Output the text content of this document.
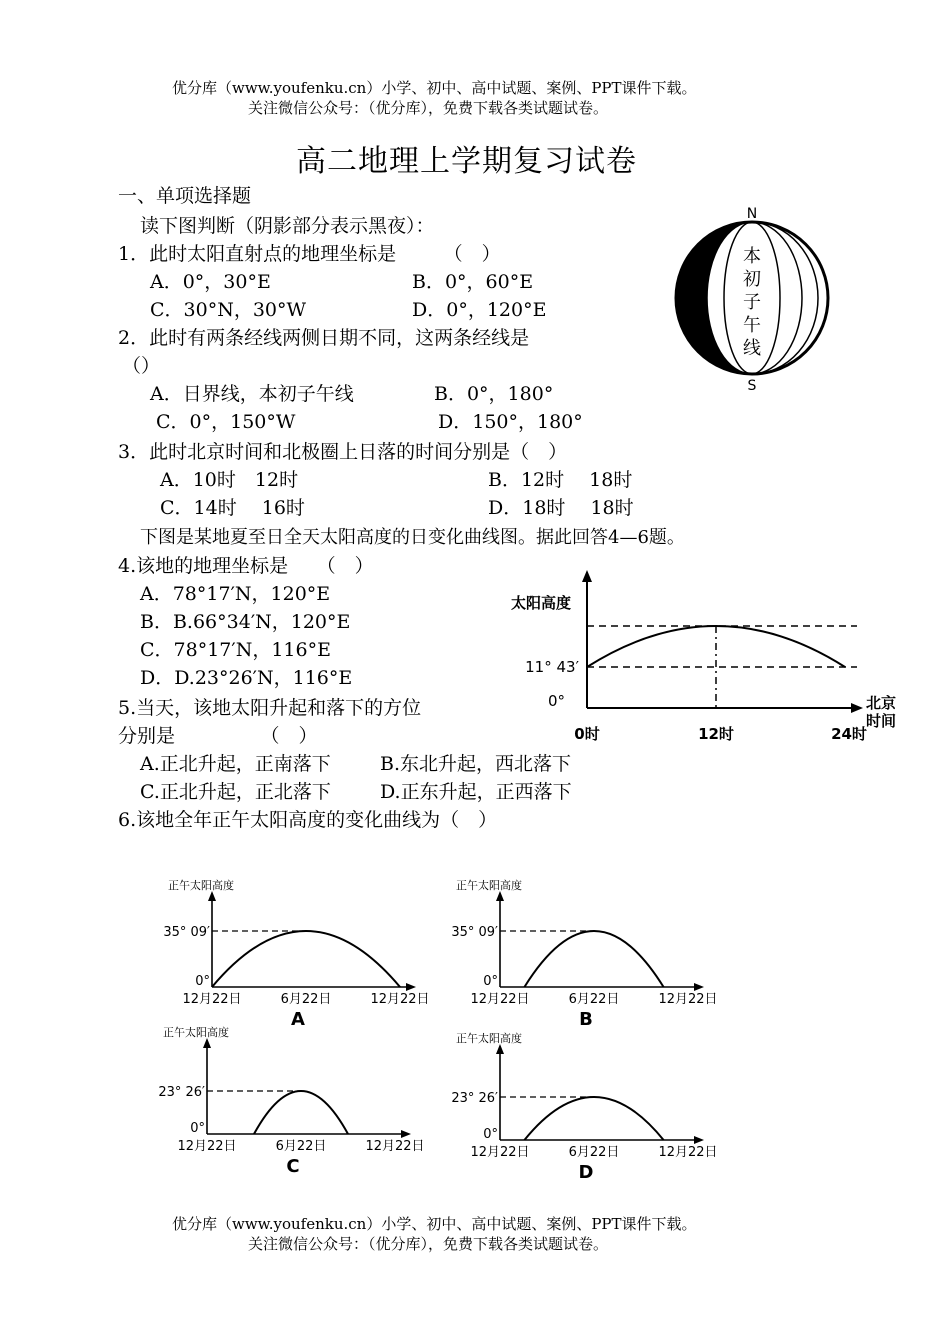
优分库（www.youfenku.cn）小学、初中、高中试题、案例、PPT课件下载。
关注微信公众号：（优分库），免费下载各类试题试卷。
高二地理上学期复习试卷
一、单项选择题
读下图判断（阴影部分表示黑夜）：
1．此时太阳直射点的地理坐标是　　　（　）
A．0°，30°E	B．0°，60°E
C．30°N，30°W	D．0°，120°E
2．此时有两条经线两侧日期不同，这两条经线是
（）
A．日界线，本初子午线	B．0°，180°
C．0°，150°W	D．150°，180°
3．此时北京时间和北极圈上日落的时间分别是（　）
A．10时　12时	B．12时　 18时
C．14时　 16时	D．18时　 18时
N
S
本
初
子
午
线
下图是某地夏至日全天太阳高度的日变化曲线图。据此回答4—6题。
4.该地的地理坐标是　　（　）
A．78°17′N，120°E
B．B.66°34′N，120°E
C．78°17′N，116°E
D．D.23°26′N，116°E
5.当天，该地太阳升起和落下的方位
分别是　　　　　（　）
A.正北升起，正南落下	B.东北升起，西北落下
C.正北升起，正北落下	D.正东升起，正西落下
6.该地全年正午太阳高度的变化曲线为（　）
太阳高度
北京
时间
11° 43′
0°
0时	12时	24时
正午太阳高度
35° 09′
0°
12月22日	6月22日	12月22日
A
正午太阳高度
35° 09′
0°
12月22日	6月22日	12月22日
B
正午太阳高度
23° 26′
0°
12月22日	6月22日	12月22日
C
正午太阳高度
23° 26′
0°
12月22日	6月22日	12月22日
D
优分库（www.youfenku.cn）小学、初中、高中试题、案例、PPT课件下载。
关注微信公众号：（优分库），免费下载各类试题试卷。
